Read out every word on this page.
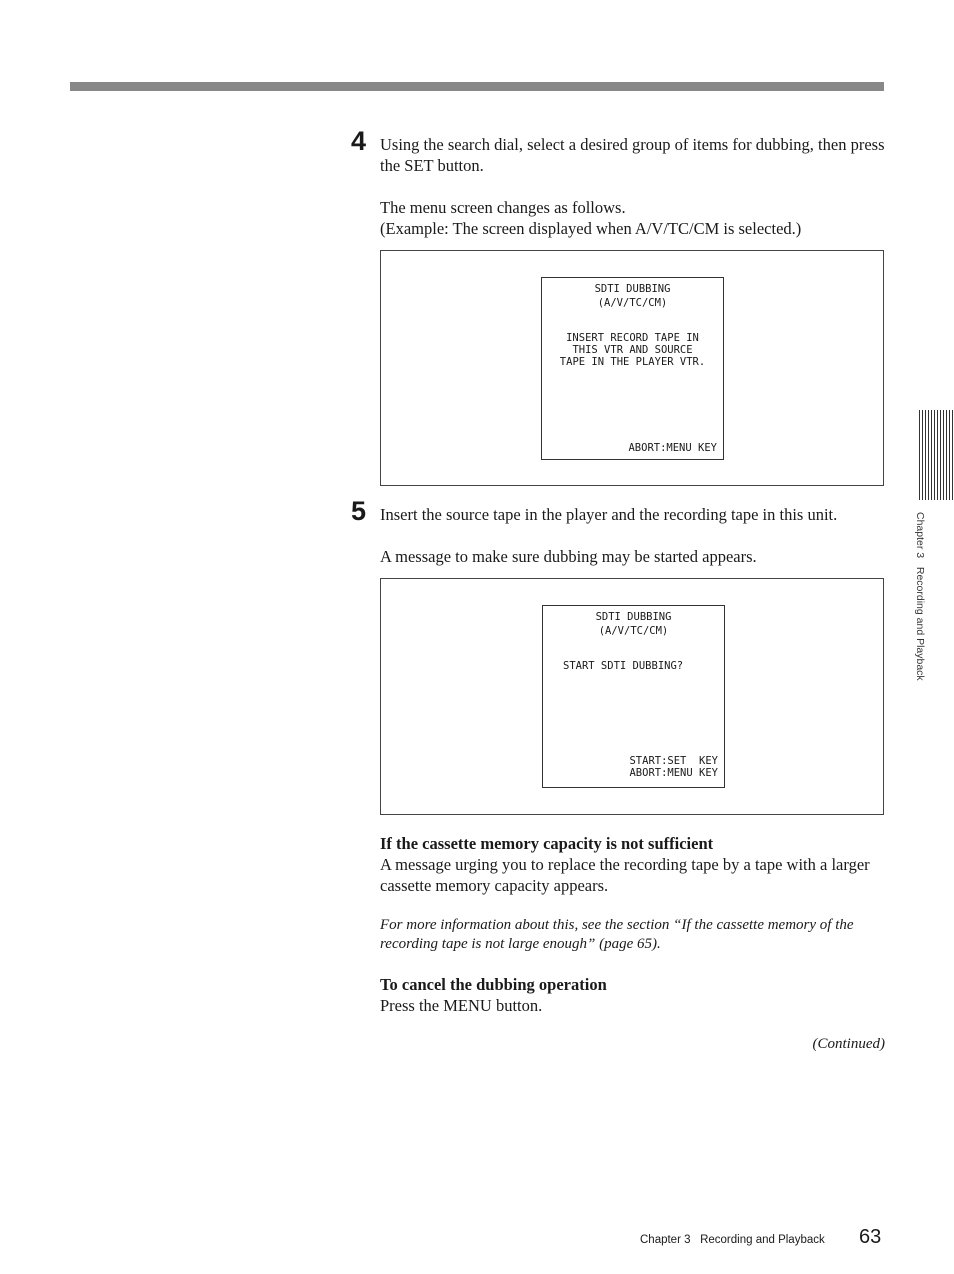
4 Using the search dial, select a desired group of items for dubbing, then press the SET button.
The menu screen changes as follows.
(Example: The screen displayed when A/V/TC/CM is selected.)
SDTI DUBBING
(A/V/TC/CM)
INSERT RECORD TAPE IN
THIS VTR AND SOURCE
TAPE IN THE PLAYER VTR.
ABORT:MENU KEY
5 Insert the source tape in the player and the recording tape in this unit.
A message to make sure dubbing may be started appears.
SDTI DUBBING
(A/V/TC/CM)
START SDTI DUBBING?
START:SET  KEY
ABORT:MENU KEY
If the cassette memory capacity is not sufficient
A message urging you to replace the recording tape by a tape with a larger cassette memory capacity appears.
For more information about this, see the section “If the cassette memory of the recording tape is not large enough” (page 65).
To cancel the dubbing operation
Press the MENU button.
(Continued)
Chapter 3   Recording and Playback
Chapter 3   Recording and Playback 63
